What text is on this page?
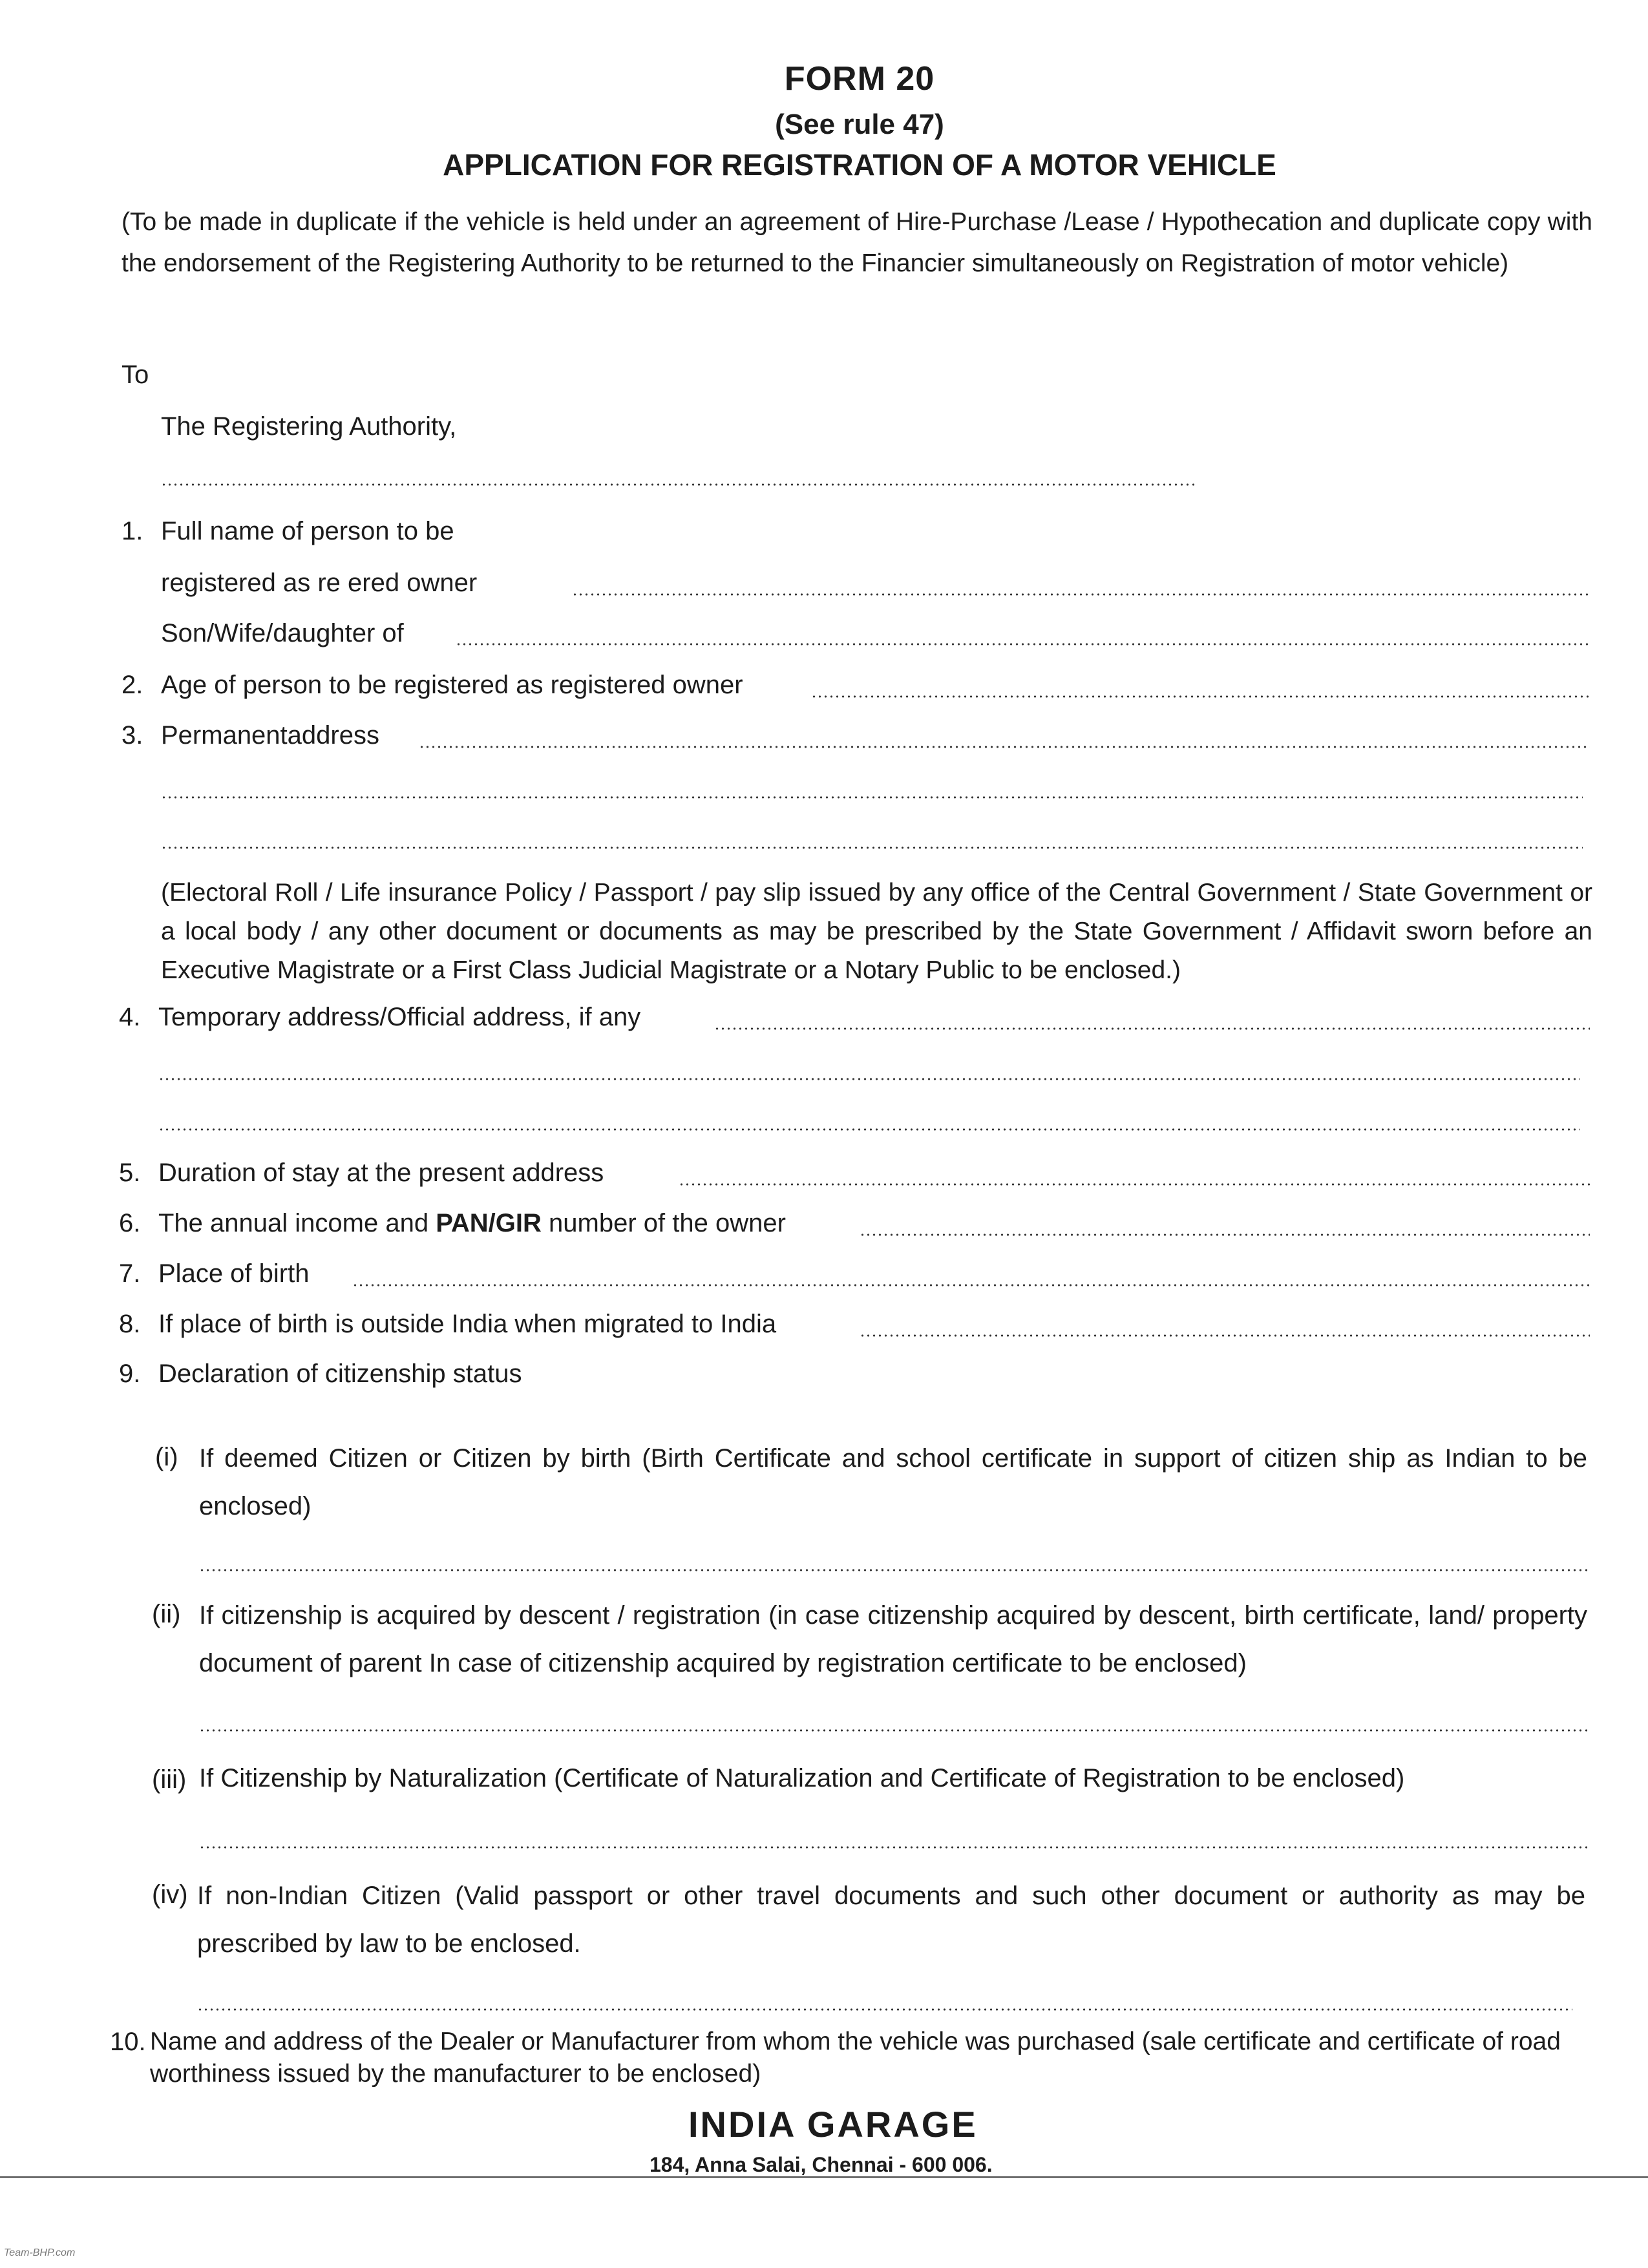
FORM 20
(See rule 47)
APPLICATION FOR REGISTRATION OF A MOTOR VEHICLE
(To be made in duplicate if the vehicle is held under an agreement of Hire-Purchase /Lease / Hypothecation and duplicate copy with the endorsement of the Registering Authority to be returned to the Financier simultaneously on Registration of motor vehicle)
To
The Registering Authority,
1. Full name of person to be
registered as re ered owner
Son/Wife/daughter of
2. Age of person to be registered as registered owner
3. Permanentaddress
(Electoral Roll / Life insurance Policy / Passport / pay slip issued by any office of the Central Government / State Government or a local body / any other document or documents as may be prescribed by the State Government / Affidavit sworn before an Executive Magistrate or a First Class Judicial Magistrate or a Notary Public to be enclosed.)
4. Temporary address/Official address, if any
5. Duration of stay at the present address
6. The annual income and PAN/GIR number of the owner
7. Place of birth
8. If place of birth is outside India when migrated to India
9. Declaration of citizenship status
(i) If deemed Citizen or Citizen by birth (Birth Certificate and school certificate in support of citizen ship as Indian to be enclosed)
(ii) If citizenship is acquired by descent / registration (in case citizenship acquired by descent, birth certificate, land/ property document of parent In case of citizenship acquired by registration certificate to be enclosed)
(iii) If Citizenship by Naturalization (Certificate of Naturalization and Certificate of Registration to be enclosed)
(iv) If non-Indian Citizen (Valid passport or other travel documents and such other document or authority as may be prescribed by law to be enclosed.
10. Name and address of the Dealer or Manufacturer from whom the vehicle was purchased (sale certificate and certificate of road worthiness issued by the manufacturer to be enclosed)
INDIA GARAGE
184, Anna Salai, Chennai - 600 006.
Team-BHP.com
